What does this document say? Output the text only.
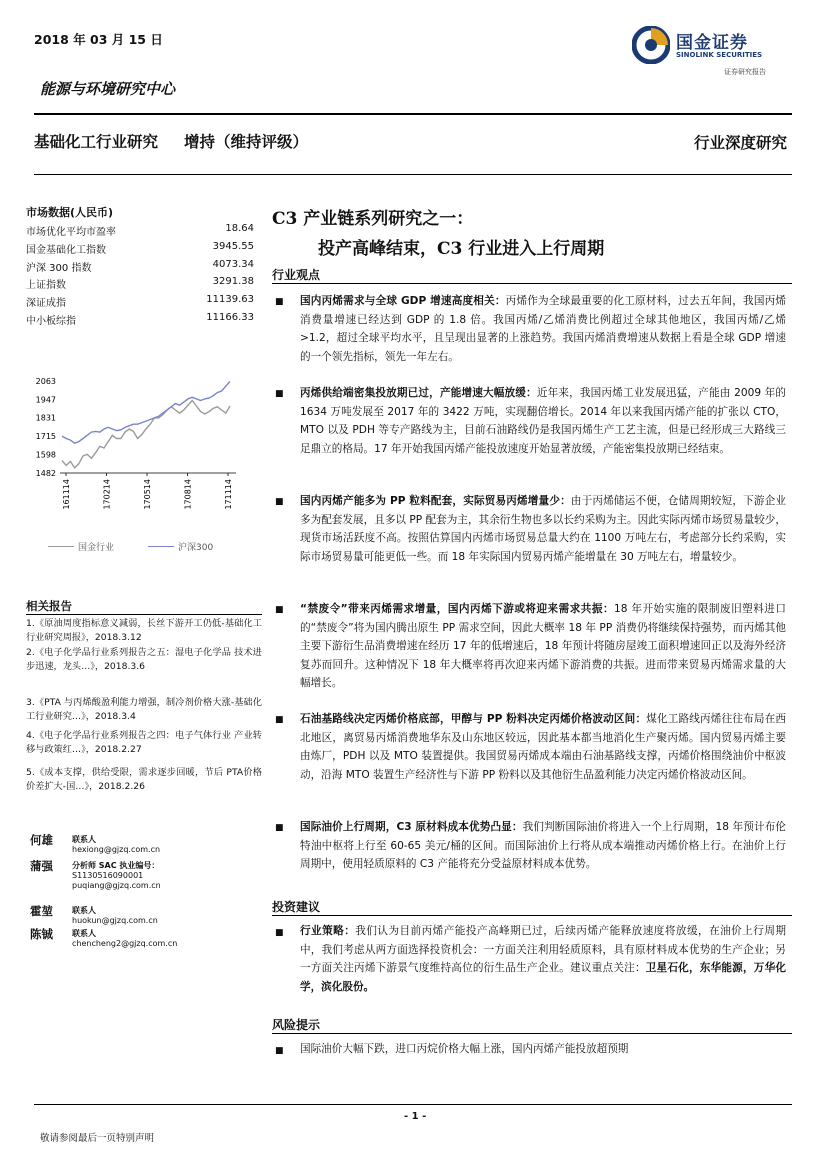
2018 年 03 月 15 日	国金证券
SINOLINK SECURITIES
证券研究报告
能源与环境研究中心
基础化工行业研究 增持（维持评级）	行业深度研究
市场数据(人民币)
市场优化平均市盈率	18.64
国金基础化工指数	3945.55
沪深 300 指数	4073.34
上证指数	3291.38
深证成指	11139.63
中小板综指	11166.33
2063
1947
1831
1715
1598
1482
161114	170214	170514	170814	171114
国金行业	沪深300
相关报告
1.《原油周度指标意义减弱，长丝下游开工仍低-基础化工行业研究周报》，2018.3.12
2.《电子化学品行业系列报告之五：湿电子化学品 技术进步迅速，龙头…》，2018.3.6
3.《PTA 与丙烯酸盈利能力增强，制冷剂价格大涨-基础化工行业研究…》，2018.3.4
4.《电子化学品行业系列报告之四：电子气体行业 产业转移与政策红…》，2018.2.27
5.《成本支撑，供给受限，需求逐步回暖，节后 PTA价格价差扩大-国…》，2018.2.26
何雄 联系人
hexiong@gjzq.com.cn
蒲强 分析师 SAC 执业编号：
S1130516090001
puqiang@gjzq.com.cn
霍堃 联系人
huokun@gjzq.com.cn
陈铖 联系人
chencheng2@gjzq.com.cn
C3 产业链系列研究之一：
投产高峰结束，C3 行业进入上行周期
行业观点
■ 国内丙烯需求与全球 GDP 增速高度相关：丙烯作为全球最重要的化工原材料，过去五年间，我国丙烯消费量增速已经达到 GDP 的 1.8 倍。我国丙烯/乙烯消费比例超过全球其他地区，我国丙烯/乙烯>1.2，超过全球平均水平，且呈现出显著的上涨趋势。我国丙烯消费增速从数据上看是全球 GDP 增速的一个领先指标，领先一年左右。
■ 丙烯供给端密集投放期已过，产能增速大幅放缓：近年来，我国丙烯工业发展迅猛，产能由 2009 年的 1634 万吨发展至 2017 年的 3422 万吨，实现翻倍增长。2014 年以来我国丙烯产能的扩张以 CTO，MTO 以及 PDH 等专产路线为主，目前石油路线仍是我国丙烯生产工艺主流，但是已经形成三大路线三足鼎立的格局。17 年开始我国丙烯产能投放速度开始显著放缓，产能密集投放期已经结束。
■ 国内丙烯产能多为 PP 粒料配套，实际贸易丙烯增量少：由于丙烯储运不便，仓储周期较短，下游企业多为配套发展，且多以 PP 配套为主，其余衍生物也多以长约采购为主。因此实际丙烯市场贸易量较少，现货市场活跃度不高。按照估算国内丙烯市场贸易总量大约在 1100 万吨左右，考虑部分长约采购，实际市场贸易量可能更低一些。而 18 年实际国内贸易丙烯产能增量在 30 万吨左右，增量较少。
■ “禁废令”带来丙烯需求增量，国内丙烯下游或将迎来需求共振：18 年开始实施的限制废旧塑料进口的“禁废令”将为国内腾出原生 PP 需求空间，因此大概率 18 年 PP 消费仍将继续保持强势，而丙烯其他主要下游衍生品消费增速在经历 17 年的低增速后，18 年预计将随房屋竣工面积增速回正以及海外经济复苏而回升。这种情况下 18 年大概率将再次迎来丙烯下游消费的共振。进而带来贸易丙烯需求量的大幅增长。
■ 石油基路线决定丙烯价格底部，甲醇与 PP 粉料决定丙烯价格波动区间：煤化工路线丙烯往往布局在西北地区，离贸易丙烯消费地华东及山东地区较远，因此基本都当地消化生产聚丙烯。国内贸易丙烯主要由炼厂，PDH 以及 MTO 装置提供。我国贸易丙烯成本端由石油基路线支撑，丙烯价格围绕油价中枢波动，沿海 MTO 装置生产经济性与下游 PP 粉料以及其他衍生品盈利能力决定丙烯价格波动区间。
■ 国际油价上行周期，C3 原材料成本优势凸显：我们判断国际油价将进入一个上行周期，18 年预计布伦特油中枢将上行至 60-65 美元/桶的区间。而国际油价上行将从成本端推动丙烯价格上行。在油价上行周期中，使用轻质原料的 C3 产能将充分受益原材料成本优势。
投资建议
■ 行业策略：我们认为目前丙烯产能投产高峰期已过，后续丙烯产能释放速度将放缓，在油价上行周期中，我们考虑从两方面选择投资机会：一方面关注利用轻质原料，具有原材料成本优势的生产企业；另一方面关注丙烯下游景气度维持高位的衍生品生产企业。建议重点关注：卫星石化，东华能源，万华化学，滨化股份。
风险提示
■ 国际油价大幅下跌，进口丙烷价格大幅上涨，国内丙烯产能投放超预期
- 1 -
敬请参阅最后一页特别声明
